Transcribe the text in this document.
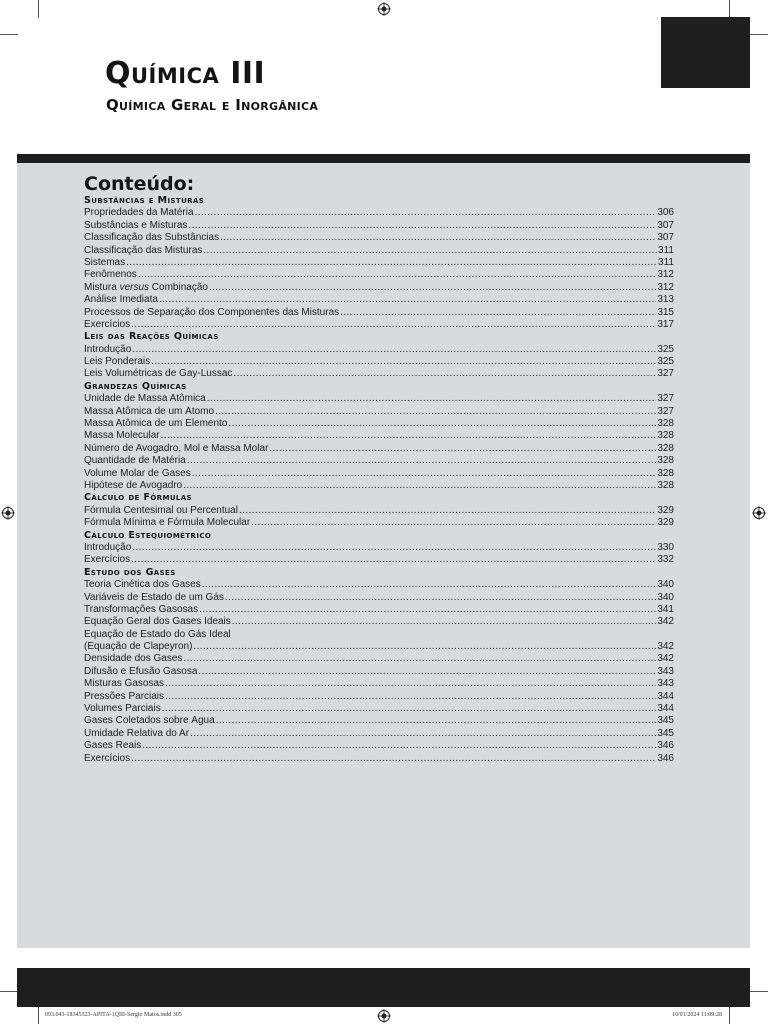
Química III
Química Geral e Inorgânica
Conteúdo:
Substâncias e Misturas
Propriedades da Matéria .....	306
Substâncias e Misturas .....	307
Classificação das Substâncias .....	307
Classificação das Misturas .....	311
Sistemas .....	311
Fenômenos .....	312
Mistura versus Combinação .....	312
Análise Imediata .....	313
Processos de Separação dos Componentes das Misturas .....	315
Exercícios .....	317
Leis das Reações Químicas
Introdução .....	325
Leis Ponderais .....	325
Leis Volumétricas de Gay-Lussac .....	327
Grandezas Químicas
Unidade de Massa Atômica .....	327
Massa Atômica de um Átomo .....	327
Massa Atômica de um Elemento .....	328
Massa Molecular .....	328
Número de Avogadro, Mol e Massa Molar .....	328
Quantidade de Matéria .....	328
Volume Molar de Gases .....	328
Hipótese de Avogadro .....	328
Cálculo de Fórmulas
Fórmula Centesimal ou Percentual .....	329
Fórmula Mínima e Fórmula Molecular .....	329
Cálculo Estequiométrico
Introdução .....	330
Exercícios .....	332
Estudo dos Gases
Teoria Cinética dos Gases .....	340
Variáveis de Estado de um Gás .....	340
Transformações Gasosas .....	341
Equação Geral dos Gases Ideais .....	342
Equação de Estado do Gás Ideal
(Equação de Clapeyron) .....	342
Densidade dos Gases .....	342
Difusão e Efusão Gasosa .....	343
Misturas Gasosas .....	343
Pressões Parciais .....	344
Volumes Parciais .....	344
Gases Coletados sobre Água .....	345
Umidade Relativa do Ar .....	345
Gases Reais .....	346
Exercícios .....	346
093.043-18345323-APITA-1QIII-Sergio Matos.indd 305	10/01/2024 11:09:28
